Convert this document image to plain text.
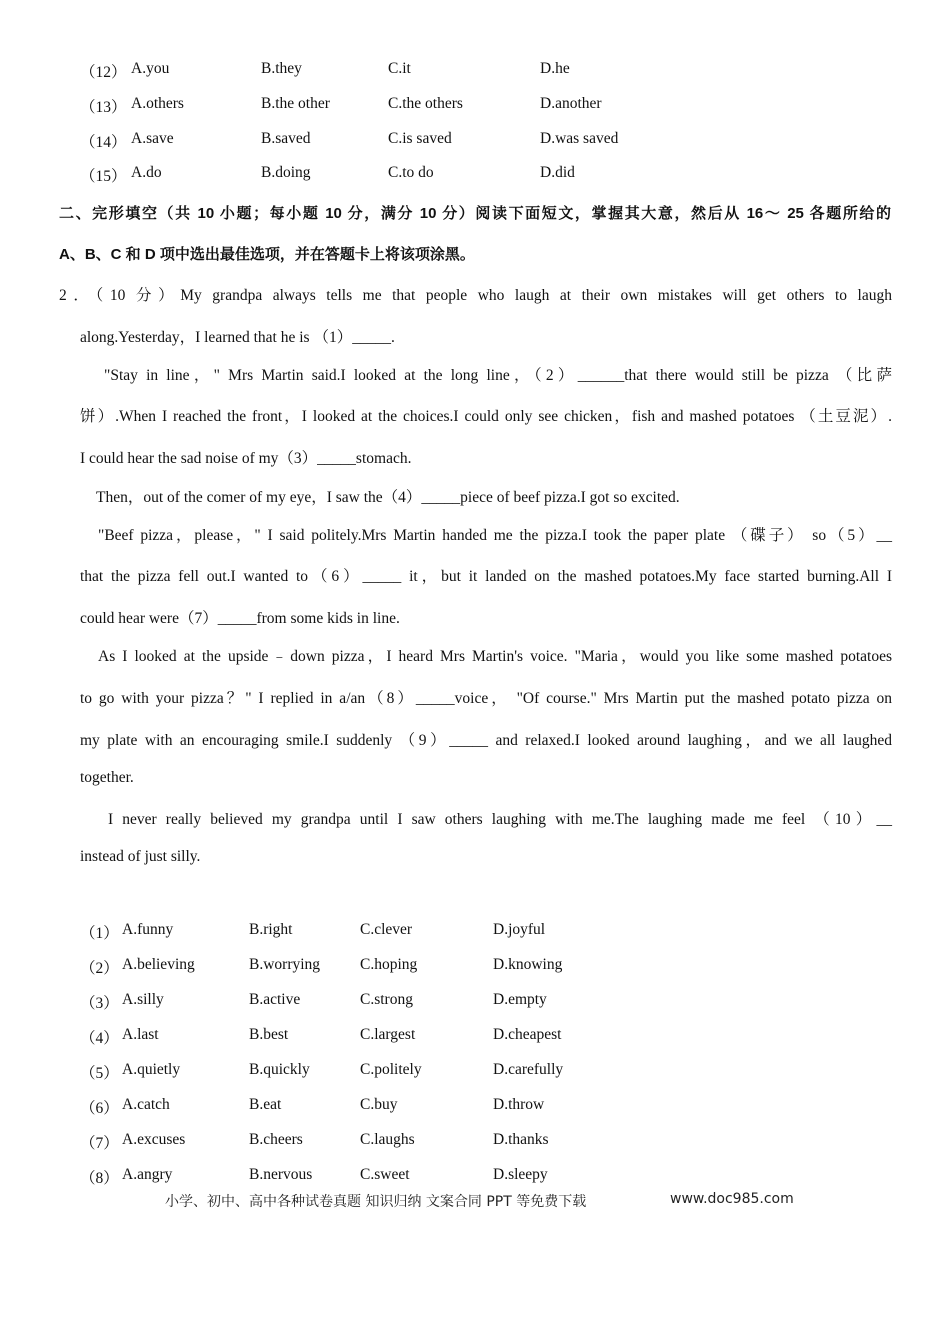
（12） A.you	B.they	C.it	D.he
（13） A.others	B.the other	C.the others	D.another
（14） A.save	B.saved	C.is saved	D.was saved
（15） A.do	B.doing	C.to do	D.did
二、完形填空（共 10 小题；每小题 10 分，满分 10 分）阅读下面短文，掌握其大意，然后从 16～ 25 各题所给的
A、B、C 和 D 项中选出最佳选项，并在答题卡上将该项涂黑。
2．（10 分）My grandpa always tells me that people who laugh at their own mistakes will get others to laugh
along.Yesterday，I learned that he is （1）_____.
"Stay in line，" Mrs Martin said.I looked at the long line，（2）______that there would still be pizza （比萨
饼）.When I reached the front，I looked at the choices.I could only see chicken，fish and mashed potatoes （土豆泥）.
I could hear the sad noise of my（3）_____stomach.
Then，out of the comer of my eye，I saw the（4）_____piece of beef pizza.I got so excited.
"Beef pizza，please，" I said politely.Mrs Martin handed me the pizza.I took the paper plate （碟子） so（5）__
that the pizza fell out.I wanted to（6）_____ it，but it landed on the mashed potatoes.My face started burning.All I
could hear were（7）_____from some kids in line.
As I looked at the upside﹣down pizza，I heard Mrs Martin's voice. "Maria，would you like some mashed potatoes
to go with your pizza？" I replied in a/an（8）_____voice， "Of course." Mrs Martin put the mashed potato pizza on
my plate with an encouraging smile.I suddenly （9）_____ and relaxed.I looked around laughing，and we all laughed
together.
I never really believed my grandpa until I saw others laughing with me.The laughing made me feel （10）__
instead of just silly.
（1） A.funny	B.right	C.clever	D.joyful
（2） A.believing	B.worrying	C.hoping	D.knowing
（3） A.silly	B.active	C.strong	D.empty
（4） A.last	B.best	C.largest	D.cheapest
（5） A.quietly	B.quickly	C.politely	D.carefully
（6） A.catch	B.eat	C.buy	D.throw
（7） A.excuses	B.cheers	C.laughs	D.thanks
（8） A.angry	B.nervous	C.sweet	D.sleepy
小学、初中、高中各种试卷真题 知识归纳 文案合同 PPT 等免费下载	www.doc985.com
